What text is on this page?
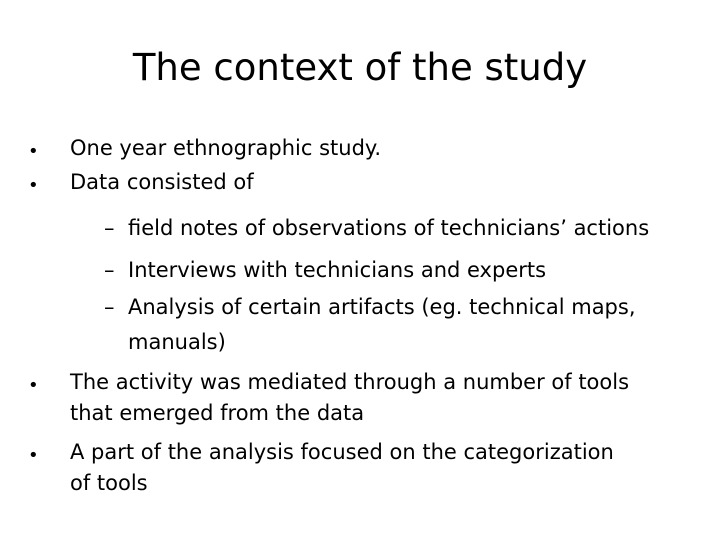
The context of the study
• One year ethnographic study.
• Data consisted of
– field notes of observations of technicians’ actions
– Interviews with technicians and experts
– Analysis of certain artifacts (eg. technical maps,
manuals)
• The activity was mediated through a number of tools
that emerged from the data
• A part of the analysis focused on the categorization
of tools
